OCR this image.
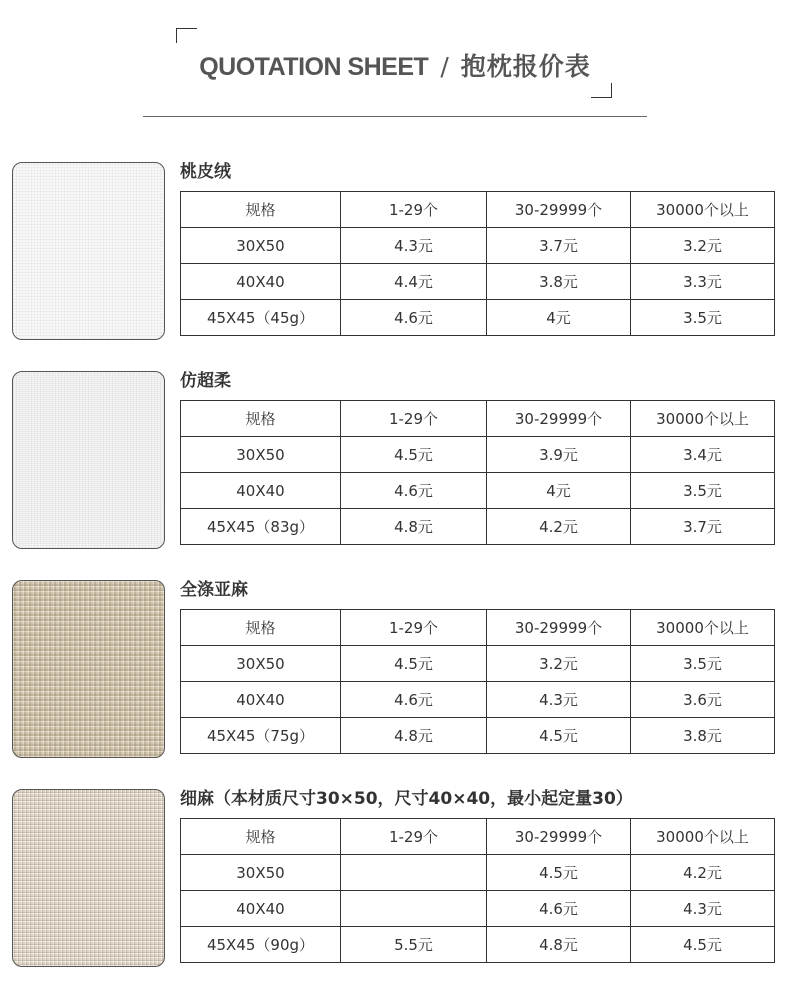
QUOTATION SHEET / 抱枕报价表
桃皮绒
规格	1-29个	30-29999个	30000个以上
30X50	4.3元	3.7元	3.2元
40X40	4.4元	3.8元	3.3元
45X45（45g）	4.6元	4元	3.5元
仿超柔
规格	1-29个	30-29999个	30000个以上
30X50	4.5元	3.9元	3.4元
40X40	4.6元	4元	3.5元
45X45（83g）	4.8元	4.2元	3.7元
全涤亚麻
规格	1-29个	30-29999个	30000个以上
30X50	4.5元	3.2元	3.5元
40X40	4.6元	4.3元	3.6元
45X45（75g）	4.8元	4.5元	3.8元
细麻（本材质尺寸30×50，尺寸40×40，最小起定量30）
规格	1-29个	30-29999个	30000个以上
30X50		4.5元	4.2元
40X40		4.6元	4.3元
45X45（90g）	5.5元	4.8元	4.5元
